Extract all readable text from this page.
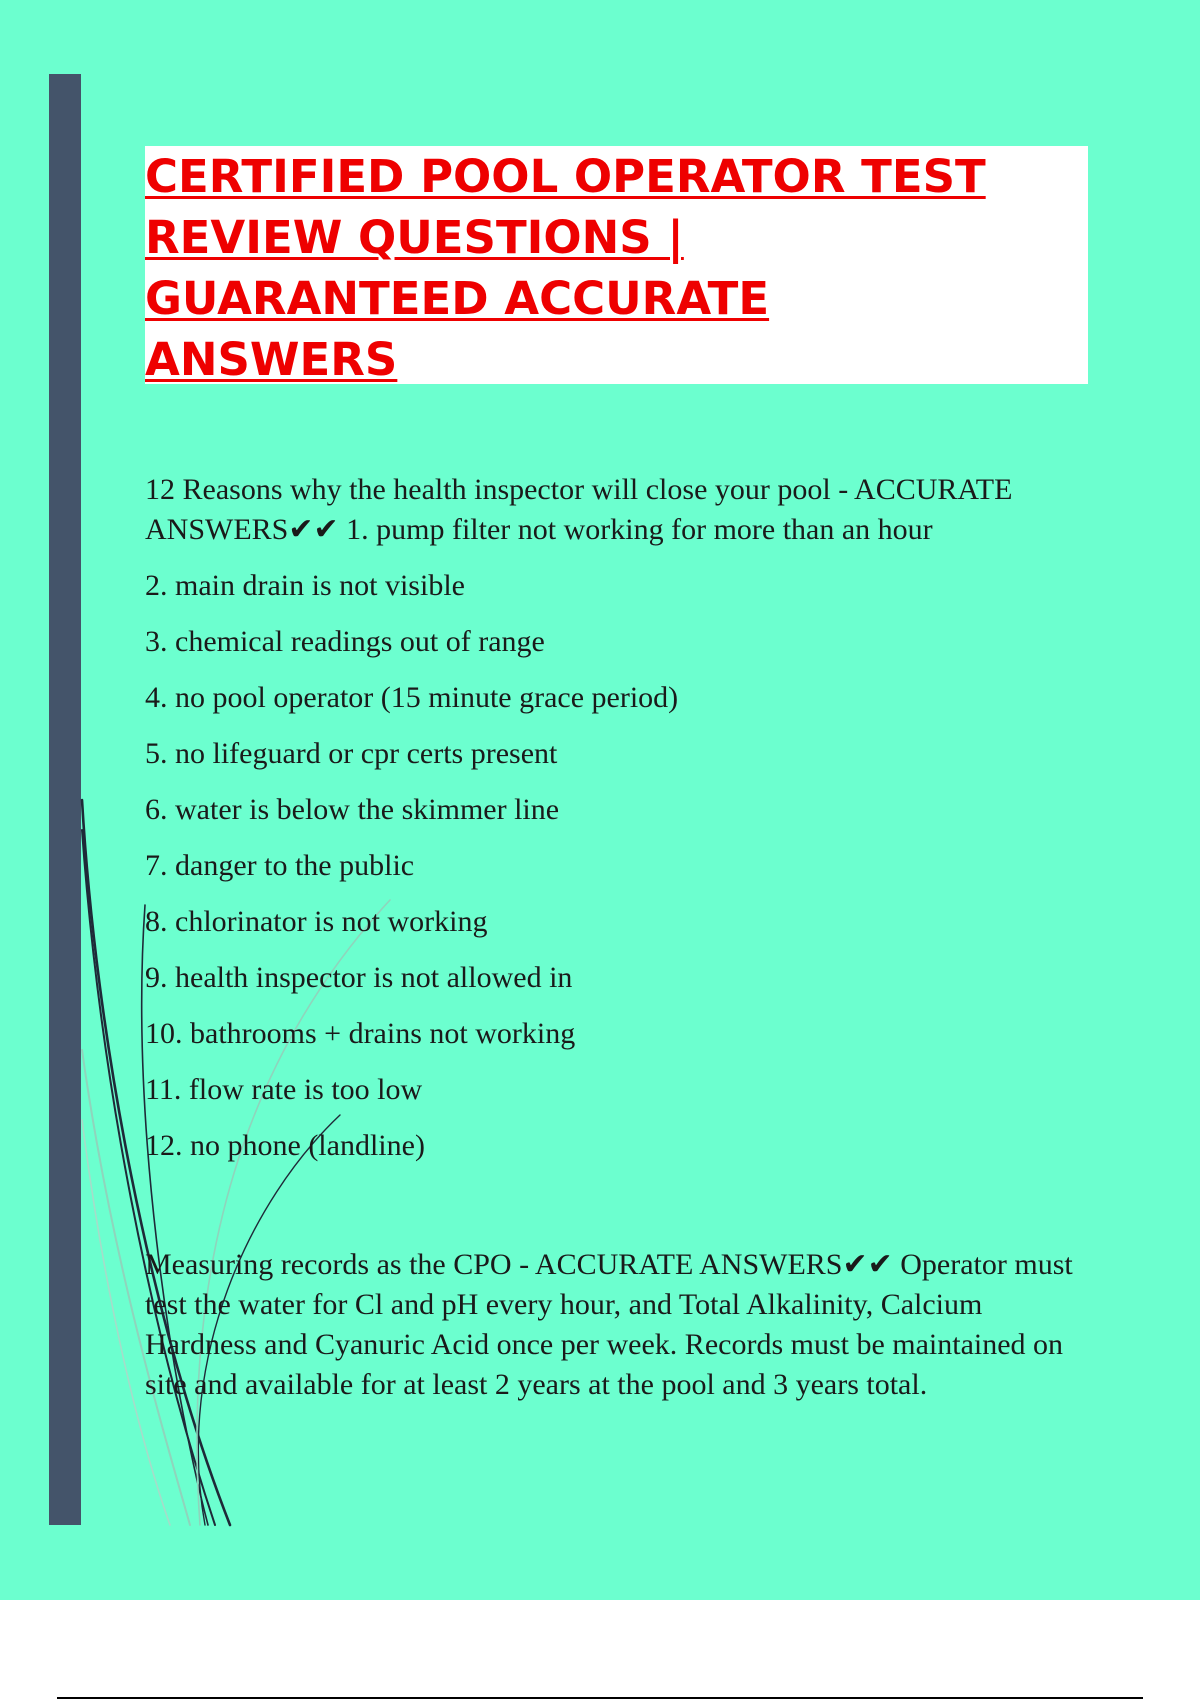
CERTIFIED POOL OPERATOR TEST
REVIEW QUESTIONS |
GUARANTEED ACCURATE
ANSWERS

12 Reasons why the health inspector will close your pool - ACCURATE ANSWERS✔✔ 1. pump filter not working for more than an hour

2. main drain is not visible

3. chemical readings out of range

4. no pool operator (15 minute grace period)

5. no lifeguard or cpr certs present

6. water is below the skimmer line

7. danger to the public

8. chlorinator is not working

9. health inspector is not allowed in

10. bathrooms + drains not working

11. flow rate is too low

12. no phone (landline)

Measuring records as the CPO - ACCURATE ANSWERS✔✔ Operator must test the water for Cl and pH every hour, and Total Alkalinity, Calcium Hardness and Cyanuric Acid once per week. Records must be maintained on site and available for at least 2 years at the pool and 3 years total.
